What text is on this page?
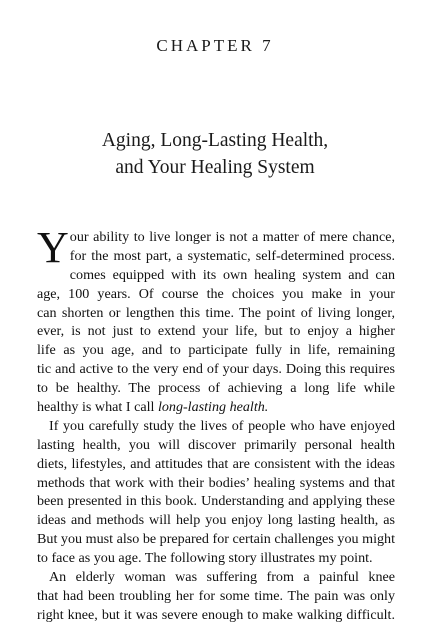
CHAPTER 7
Aging, Long-Lasting Health,
and Your Healing System
Y our ability to live longer is not a matter of mere chance,
for the most part, a systematic, self-determined process.
comes equipped with its own healing system and can
age, 100 years. Of course the choices you make in your
can shorten or lengthen this time. The point of living longer,
ever, is not just to extend your life, but to enjoy a higher
life as you age, and to participate fully in life, remaining
tic and active to the very end of your days. Doing this requires
to be healthy. The process of achieving a long life while
healthy is what I call long-lasting health.
If you carefully study the lives of people who have enjoyed
lasting health, you will discover primarily personal health
diets, lifestyles, and attitudes that are consistent with the ideas
methods that work with their bodies’ healing systems and that
been presented in this book. Understanding and applying these
ideas and methods will help you enjoy long lasting health, as
But you must also be prepared for certain challenges you might
to face as you age. The following story illustrates my point.
An elderly woman was suffering from a painful knee
that had been troubling her for some time. The pain was only
right knee, but it was severe enough to make walking difficult.
